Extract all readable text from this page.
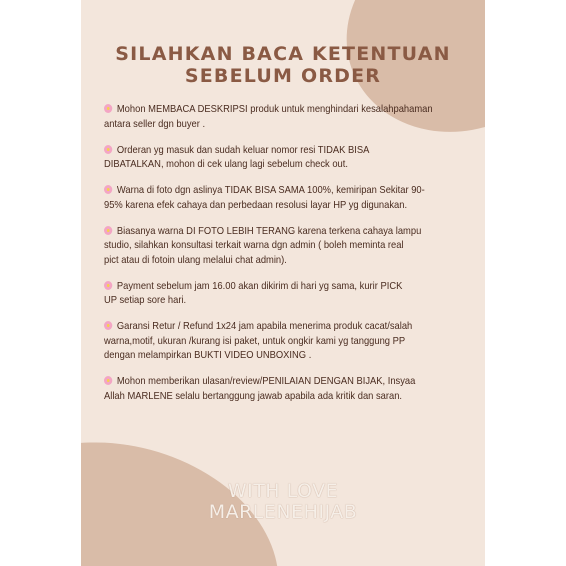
SILAHKAN BACA KETENTUAN
SEBELUM ORDER
Mohon MEMBACA DESKRIPSI produk untuk menghindari kesalahpahaman
antara seller dgn buyer .
Orderan yg masuk dan sudah keluar nomor resi TIDAK BISA
DIBATALKAN, mohon di cek ulang lagi sebelum check out.
Warna di foto dgn aslinya TIDAK BISA SAMA 100%, kemiripan Sekitar 90-
95% karena efek cahaya dan perbedaan resolusi layar HP yg digunakan.
Biasanya warna DI FOTO LEBIH TERANG karena terkena cahaya lampu
studio, silahkan konsultasi terkait warna dgn admin ( boleh meminta real
pict atau di fotoin ulang melalui chat admin).
Payment sebelum jam 16.00 akan dikirim di hari yg sama, kurir PICK
UP setiap sore hari.
Garansi Retur / Refund 1x24 jam apabila menerima produk cacat/salah
warna,motif, ukuran /kurang isi paket, untuk ongkir kami yg tanggung PP
dengan melampirkan BUKTI VIDEO UNBOXING .
Mohon memberikan ulasan/review/PENILAIAN DENGAN BIJAK, Insyaa
Allah MARLENE selalu bertanggung jawab apabila ada kritik dan saran.
WITH LOVE
MARLENEHIJAB
